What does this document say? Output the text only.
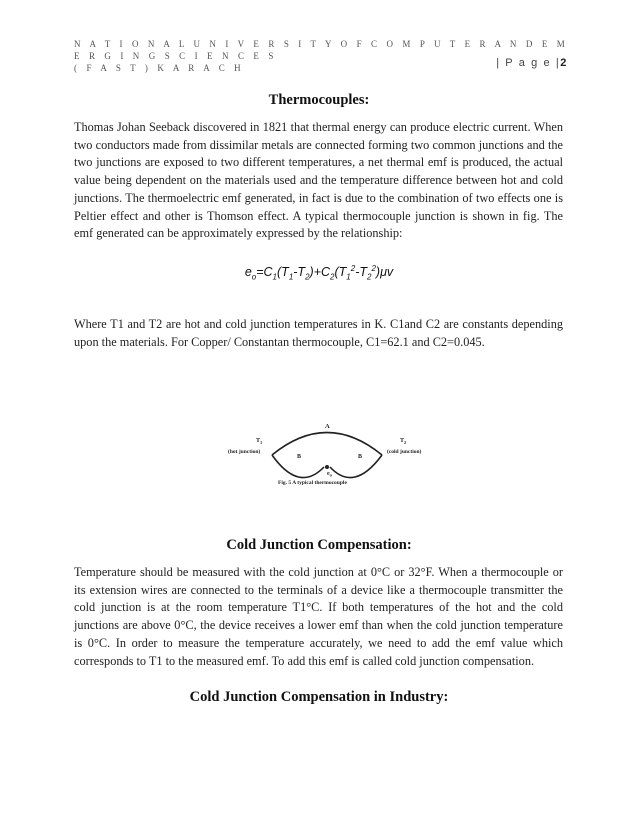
N A T I O N A L U N I V E R S I T Y O F C O M P U T E R A N D E M E R G I N G S C I E N C E S
( F A S T ) K A R A C H	| P a g e |2
Thermocouples:

Thomas Johan Seeback discovered in 1821 that thermal energy can produce electric current. When two conductors made from dissimilar metals are connected forming two common junctions and the two junctions are exposed to two different temperatures, a net thermal emf is produced, the actual value being dependent on the materials used and the temperature difference between hot and cold junctions. The thermoelectric emf generated, in fact is due to the combination of two effects one is Peltier effect and other is Thomson effect. A typical thermocouple junction is shown in fig. The emf generated can be approximately expressed by the relationship:

$e_o=C_1(T_1-T_2)+C_2(T_1^2-T_2^2)\mu v$

Where T1 and T2 are hot and cold junction temperatures in K. C1and C2 are constants depending upon the materials. For Copper/ Constantan thermocouple, C1=62.1 and C2=0.045.

A
$T_1$
(hot junction)
$T_2$
(cold junction)
B	B
$e_o$
Fig. 5 A typical thermocouple
Cold Junction Compensation:

Temperature should be measured with the cold junction at 0°C or 32°F. When a thermocouple or its extension wires are connected to the terminals of a device like a thermocouple transmitter the cold junction is at the room temperature T1°C. If both temperatures of the hot and the cold junctions are above 0°C, the device receives a lower emf than when the cold junction temperature is 0°C. In order to measure the temperature accurately, we need to add the emf value which corresponds to T1 to the measured emf. To add this emf is called cold junction compensation.

Cold Junction Compensation in Industry:
